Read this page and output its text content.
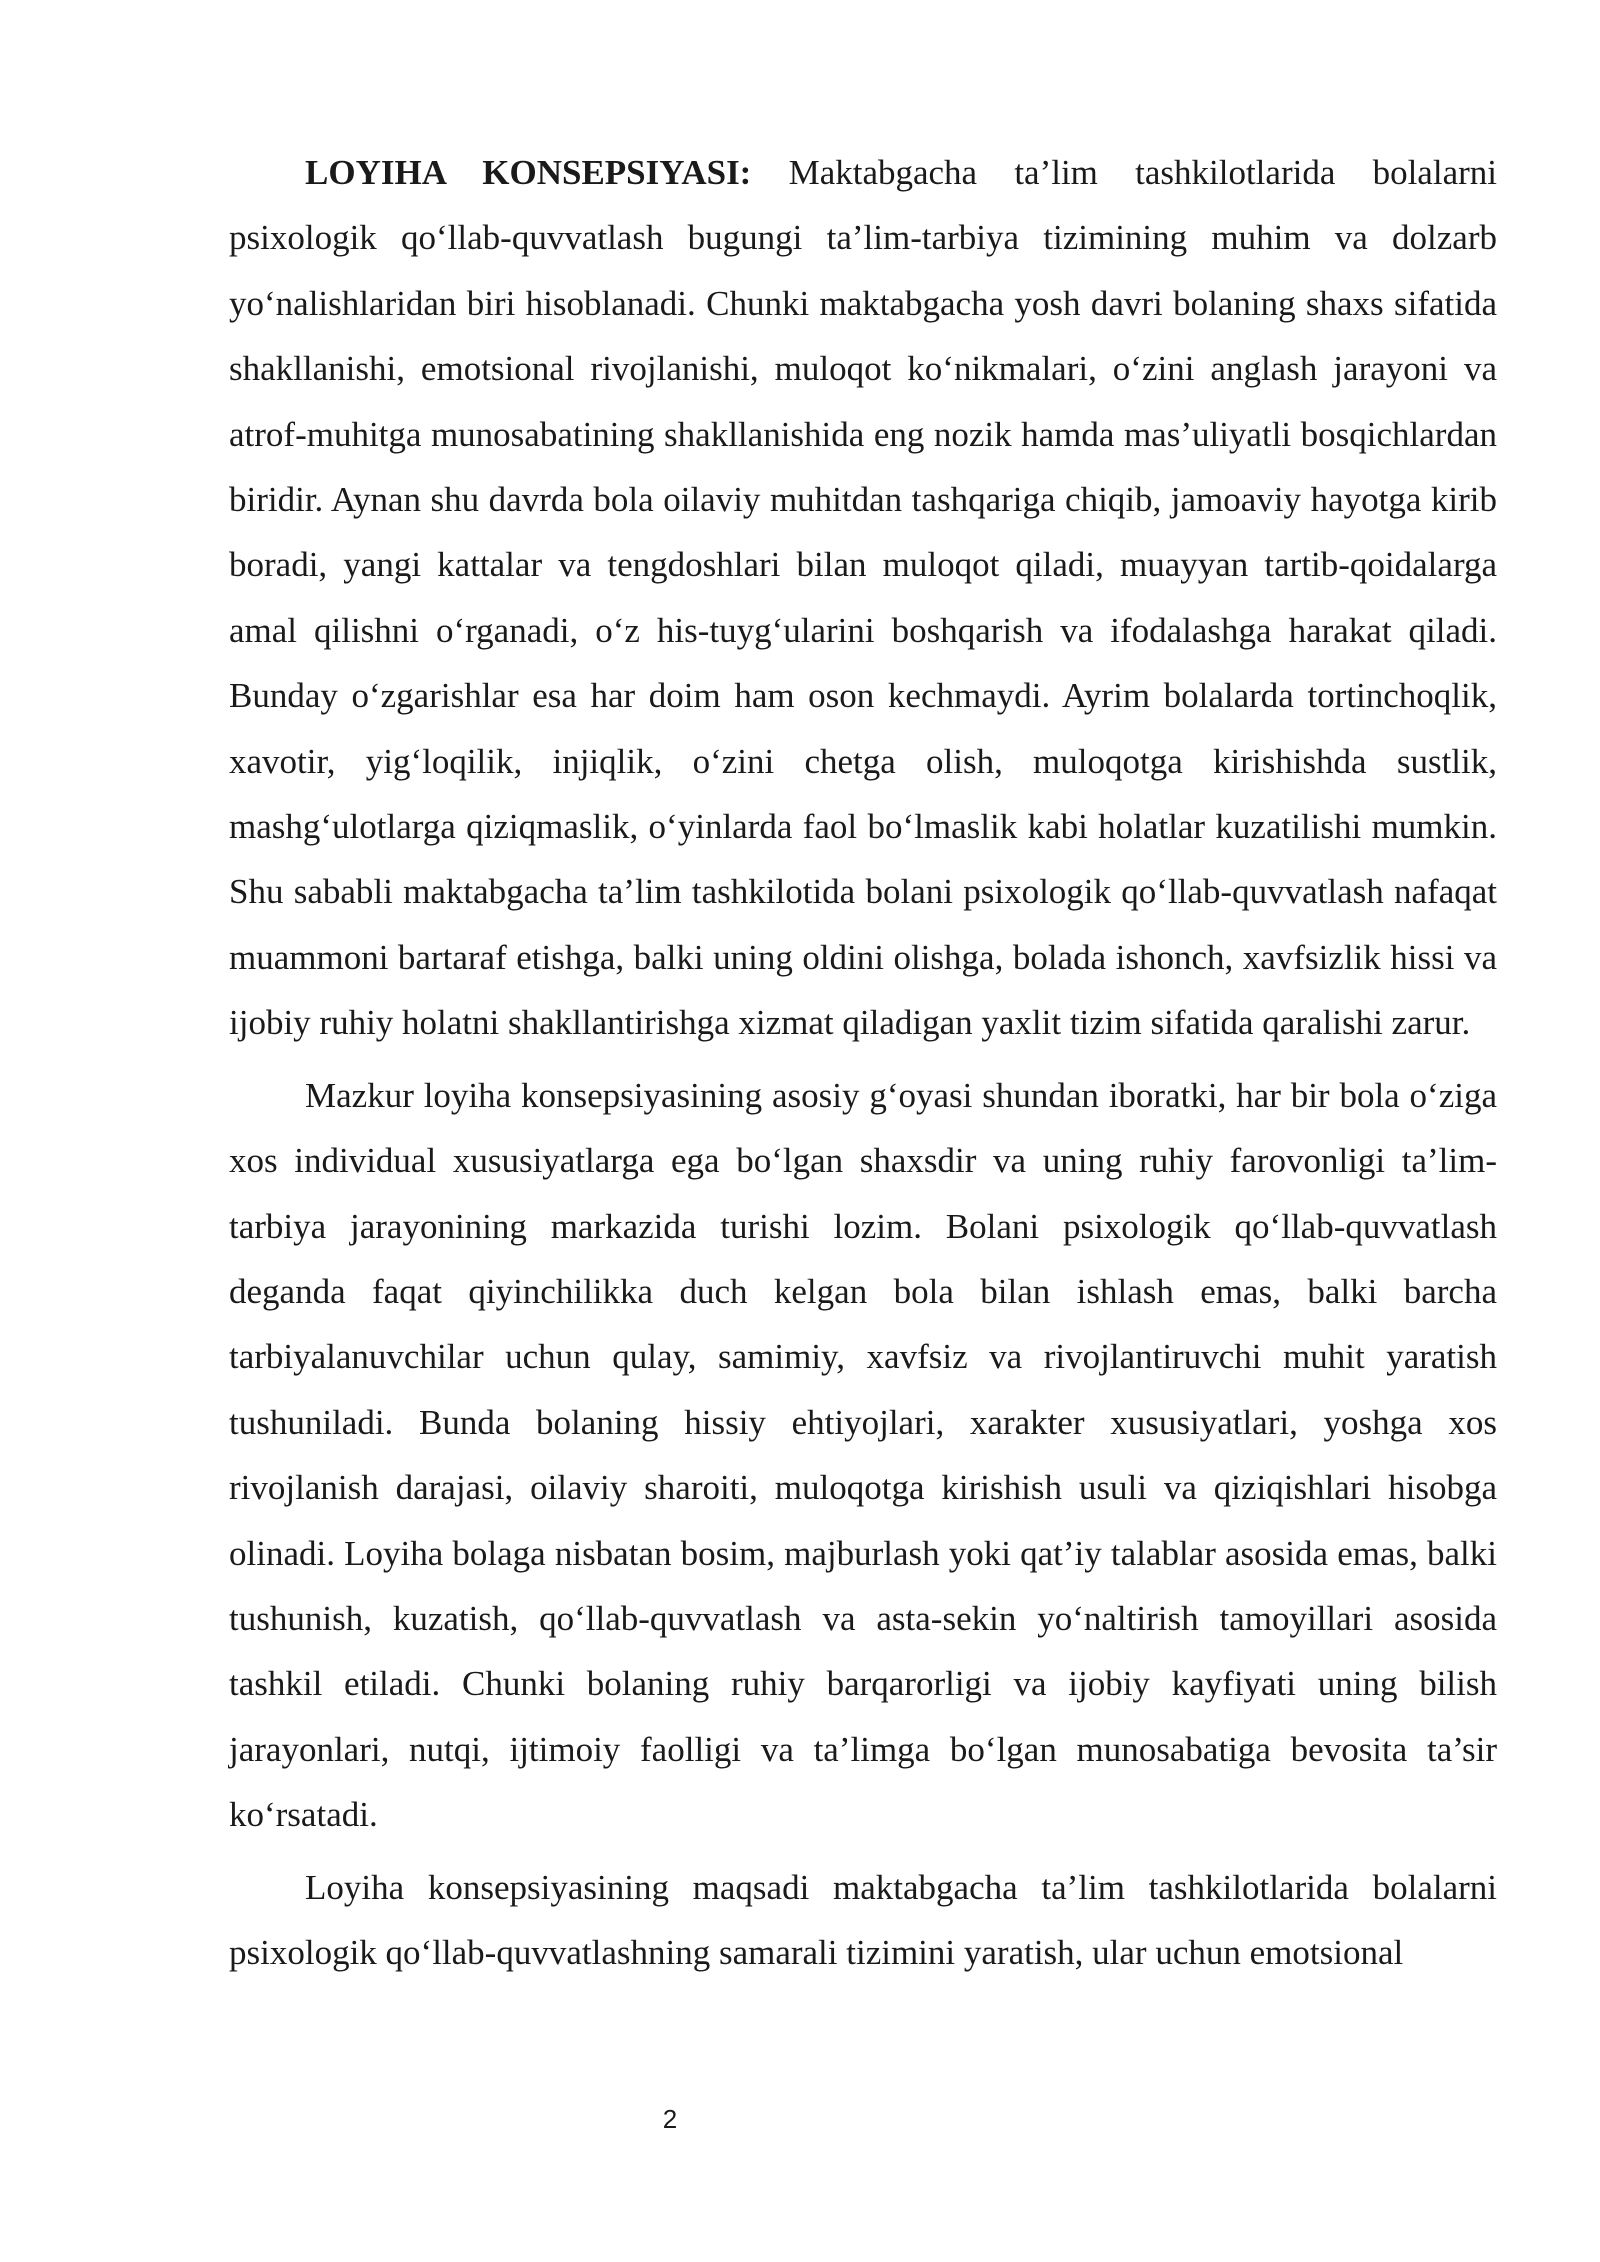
LOYIHA KONSEPSIYASI: Maktabgacha ta’lim tashkilotlarida bolalarni psixologik qo‘llab-quvvatlash bugungi ta’lim-tarbiya tizimining muhim va dolzarb yo‘nalishlaridan biri hisoblanadi. Chunki maktabgacha yosh davri bolaning shaxs sifatida shakllanishi, emotsional rivojlanishi, muloqot ko‘nikmalari, o‘zini anglash jarayoni va atrof-muhitga munosabatining shakllanishida eng nozik hamda mas’uliyatli bosqichlardan biridir. Aynan shu davrda bola oilaviy muhitdan tashqariga chiqib, jamoaviy hayotga kirib boradi, yangi kattalar va tengdoshlari bilan muloqot qiladi, muayyan tartib-qoidalarga amal qilishni o‘rganadi, o‘z his-tuyg‘ularini boshqarish va ifodalashga harakat qiladi. Bunday o‘zgarishlar esa har doim ham oson kechmaydi. Ayrim bolalarda tortinchoqlik, xavotir, yig‘loqilik, injiqlik, o‘zini chetga olish, muloqotga kirishishda sustlik, mashg‘ulotlarga qiziqmaslik, o‘yinlarda faol bo‘lmaslik kabi holatlar kuzatilishi mumkin. Shu sababli maktabgacha ta’lim tashkilotida bolani psixologik qo‘llab-quvvatlash nafaqat muammoni bartaraf etishga, balki uning oldini olishga, bolada ishonch, xavfsizlik hissi va ijobiy ruhiy holatni shakllantirishga xizmat qiladigan yaxlit tizim sifatida qaralishi zarur.

Mazkur loyiha konsepsiyasining asosiy g‘oyasi shundan iboratki, har bir bola o‘ziga xos individual xususiyatlarga ega bo‘lgan shaxsdir va uning ruhiy farovonligi ta’lim-tarbiya jarayonining markazida turishi lozim. Bolani psixologik qo‘llab-quvvatlash deganda faqat qiyinchilikka duch kelgan bola bilan ishlash emas, balki barcha tarbiyalanuvchilar uchun qulay, samimiy, xavfsiz va rivojlantiruvchi muhit yaratish tushuniladi. Bunda bolaning hissiy ehtiyojlari, xarakter xususiyatlari, yoshga xos rivojlanish darajasi, oilaviy sharoiti, muloqotga kirishish usuli va qiziqishlari hisobga olinadi. Loyiha bolaga nisbatan bosim, majburlash yoki qat’iy talablar asosida emas, balki tushunish, kuzatish, qo‘llab-quvvatlash va asta-sekin yo‘naltirish tamoyillari asosida tashkil etiladi. Chunki bolaning ruhiy barqarorligi va ijobiy kayfiyati uning bilish jarayonlari, nutqi, ijtimoiy faolligi va ta’limga bo‘lgan munosabatiga bevosita ta’sir ko‘rsatadi.

Loyiha konsepsiyasining maqsadi maktabgacha ta’lim tashkilotlarida bolalarni psixologik qo‘llab-quvvatlashning samarali tizimini yaratish, ular uchun emotsional

2
